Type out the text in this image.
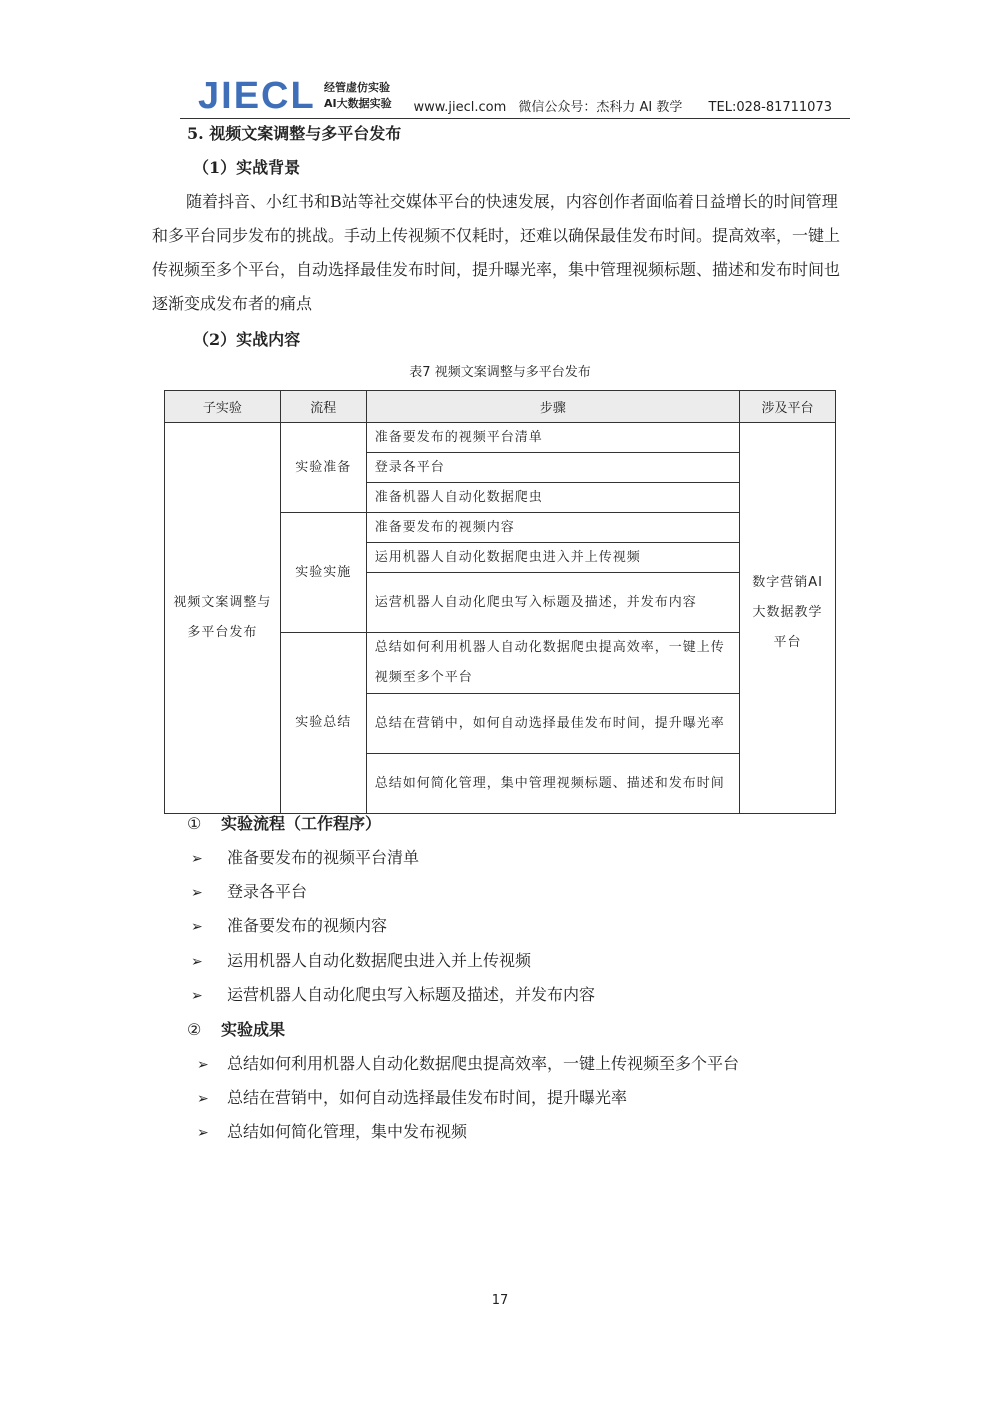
JIECL 经管虚仿实验
AI大数据实验	www.jiecl.com 微信公众号：杰科力 AI 教学 TEL:028-81711073
5. 视频文案调整与多平台发布
（1）实战背景
随着抖音、小红书和B站等社交媒体平台的快速发展，内容创作者面临着日益增长的时间管理和多平台同步发布的挑战。手动上传视频不仅耗时，还难以确保最佳发布时间。提高效率，一键上传视频至多个平台，自动选择最佳发布时间，提升曝光率，集中管理视频标题、描述和发布时间也逐渐变成发布者的痛点
（2）实战内容
表7 视频文案调整与多平台发布
子实验	流程	步骤	涉及平台
视频文案调整与多平台发布	实验准备	准备要发布的视频平台清单	数字营销AI大数据教学平台
		登录各平台	
		准备机器人自动化数据爬虫	
	实验实施	准备要发布的视频内容	
		运用机器人自动化数据爬虫进入并上传视频	
		运营机器人自动化爬虫写入标题及描述，并发布内容	
	实验总结	总结如何利用机器人自动化数据爬虫提高效率，一键上传视频至多个平台	
		总结在营销中，如何自动选择最佳发布时间，提升曝光率	
		总结如何简化管理，集中管理视频标题、描述和发布时间	
① 实验流程（工作程序）
➢ 准备要发布的视频平台清单
➢ 登录各平台
➢ 准备要发布的视频内容
➢ 运用机器人自动化数据爬虫进入并上传视频
➢ 运营机器人自动化爬虫写入标题及描述，并发布内容
② 实验成果
➢ 总结如何利用机器人自动化数据爬虫提高效率，一键上传视频至多个平台
➢ 总结在营销中，如何自动选择最佳发布时间，提升曝光率
➢ 总结如何简化管理，集中发布视频
17
